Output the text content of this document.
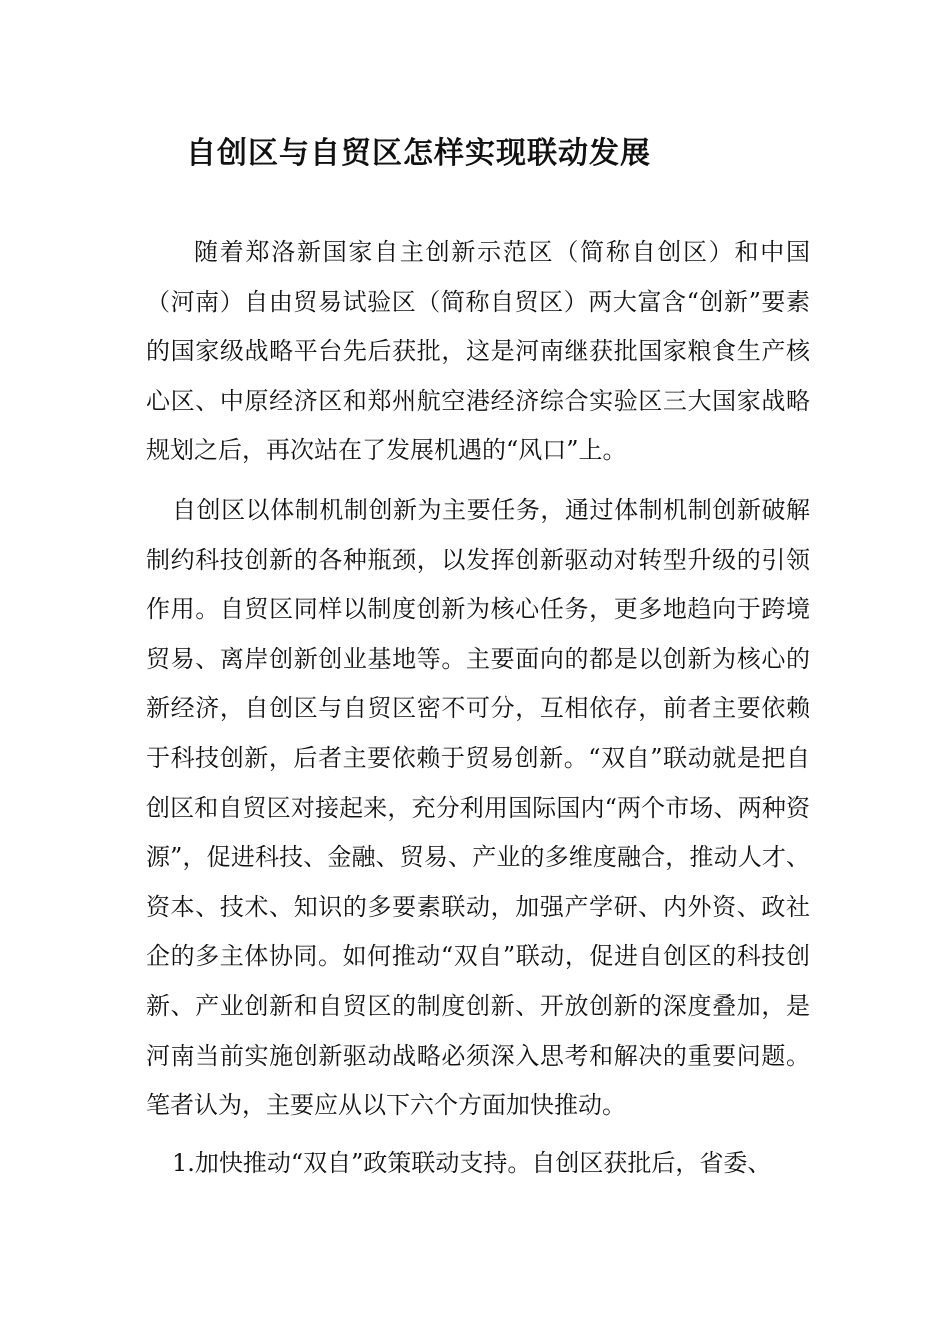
自创区与自贸区怎样实现联动发展

随着郑洛新国家自主创新示范区（简称自创区）和中国（河南）自由贸易试验区（简称自贸区）两大富含“创新”要素的国家级战略平台先后获批，这是河南继获批国家粮食生产核心区、中原经济区和郑州航空港经济综合实验区三大国家战略规划之后，再次站在了发展机遇的“风口”上。

自创区以体制机制创新为主要任务，通过体制机制创新破解制约科技创新的各种瓶颈，以发挥创新驱动对转型升级的引领作用。自贸区同样以制度创新为核心任务，更多地趋向于跨境贸易、离岸创新创业基地等。主要面向的都是以创新为核心的新经济，自创区与自贸区密不可分，互相依存，前者主要依赖于科技创新，后者主要依赖于贸易创新。“双自”联动就是把自创区和自贸区对接起来，充分利用国际国内“两个市场、两种资源”，促进科技、金融、贸易、产业的多维度融合，推动人才、资本、技术、知识的多要素联动，加强产学研、内外资、政社企的多主体协同。如何推动“双自”联动，促进自创区的科技创新、产业创新和自贸区的制度创新、开放创新的深度叠加，是河南当前实施创新驱动战略必须深入思考和解决的重要问题。笔者认为，主要应从以下六个方面加快推动。

1.加快推动“双自”政策联动支持。自创区获批后，省委、
